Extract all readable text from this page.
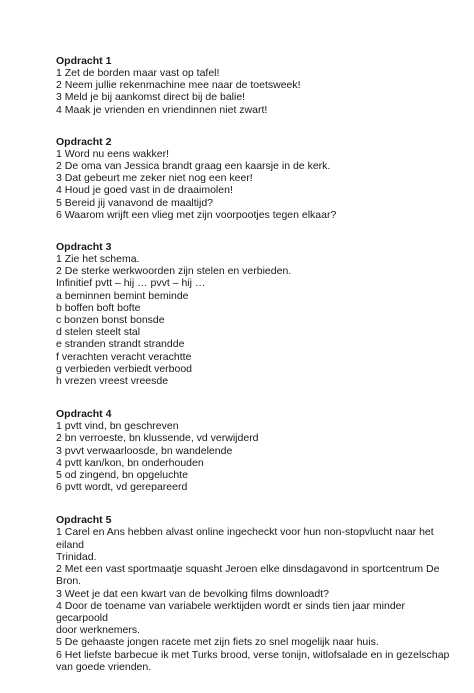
Opdracht 1

1 Zet de borden maar vast op tafel!

2 Neem jullie rekenmachine mee naar de toetsweek!

3 Meld je bij aankomst direct bij de balie!

4 Maak je vrienden en vriendinnen niet zwart!

Opdracht 2

1 Word nu eens wakker!

2 De oma van Jessica brandt graag een kaarsje in de kerk.

3 Dat gebeurt me zeker niet nog een keer!

4 Houd je goed vast in de draaimolen!

5 Bereid jij vanavond de maaltijd?

6 Waarom wrijft een vlieg met zijn voorpootjes tegen elkaar?

Opdracht 3

1 Zie het schema.

2 De sterke werkwoorden zijn stelen en verbieden.

Infinitief pvtt – hij … pvvt – hij …

a beminnen bemint beminde

b boffen boft bofte

c bonzen bonst bonsde

d stelen steelt stal

e stranden strandt strandde

f verachten veracht verachtte

g verbieden verbiedt verbood

h vrezen vreest vreesde

Opdracht 4

1 pvtt vind, bn geschreven

2 bn verroeste, bn klussende, vd verwijderd

3 pvvt verwaarloosde, bn wandelende

4 pvtt kan/kon, bn onderhouden

5 od zingend, bn opgeluchte

6 pvtt wordt, vd gerepareerd

Opdracht 5

1 Carel en Ans hebben alvast online ingecheckt voor hun non-stopvlucht naar het eiland

Trinidad.

2 Met een vast sportmaatje squasht Jeroen elke dinsdagavond in sportcentrum De

Bron.

3 Weet je dat een kwart van de bevolking films downloadt?

4 Door de toename van variabele werktijden wordt er sinds tien jaar minder gecarpoold

door werknemers.

5 De gehaaste jongen racete met zijn fiets zo snel mogelijk naar huis.

6 Het liefste barbecue ik met Turks brood, verse tonijn, witlofsalade en in gezelschap

van goede vrienden.
